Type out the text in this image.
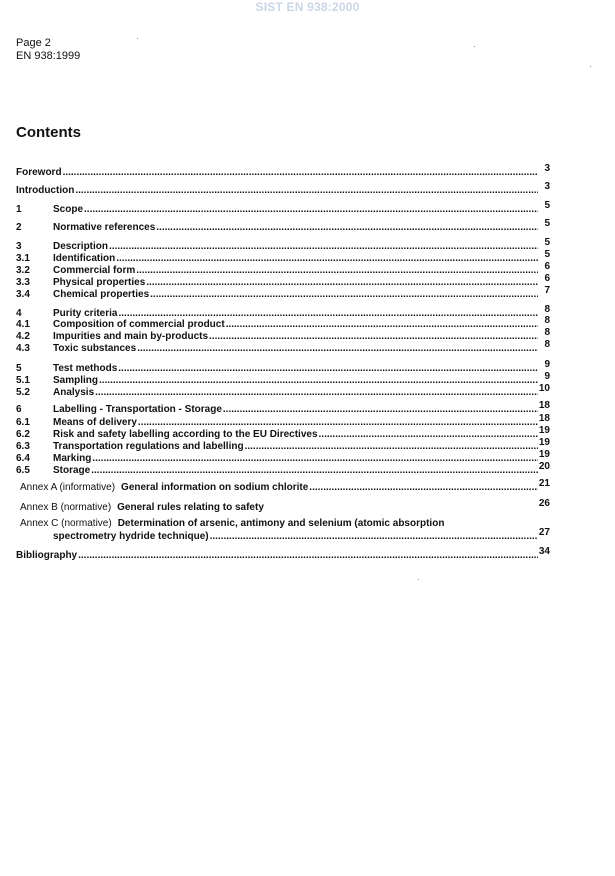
SIST EN 938:2000
Page 2
EN 938:1999
Contents
Foreword .....	3
Introduction .....	3
1	Scope .....	5
2	Normative references .....	5
3	Description .....	5
3.1 Identification .....	5
3.2 Commercial form .....	6
3.3 Physical properties .....	6
3.4 Chemical properties .....	7
4	Purity criteria .....	8
4.1 Composition of commercial product .....	8
4.2 Impurities and main by-products .....	8
4.3 Toxic substances .....	8
5	Test methods .....	9
5.1 Sampling .....	9
5.2 Analysis .....	10
6	Labelling - Transportation - Storage .....	18
6.1 Means of delivery .....	18
6.2 Risk and safety labelling according to the EU Directives .....	19
6.3 Transportation regulations and labelling .....	19
6.4 Marking .....	19
6.5 Storage .....	20
Annex A (informative) General information on sodium chlorite .....	21
Annex B (normative) General rules relating to safety	26
Annex C (normative) Determination of arsenic, antimony and selenium (atomic absorption
spectrometry hydride technique) .....	27
Bibliography .....	34
